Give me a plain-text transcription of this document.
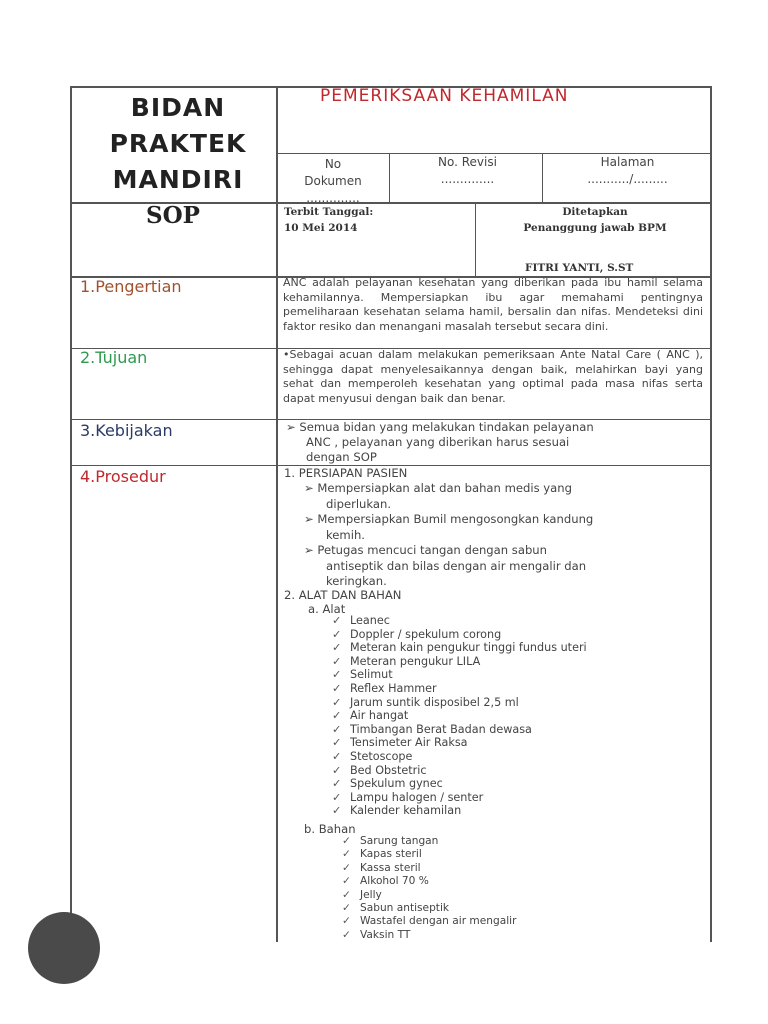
BIDAN
PRAKTEK
MANDIRI
PEMERIKSAAN KEHAMILAN
No Dokumen
..............
No. Revisi
..............
Halaman
.........../.........
SOP	Terbit Tanggal:
10 Mei 2014
Ditetapkan
Penanggung jawab BPM
FITRI YANTI, S.ST
1.Pengertian
2.Tujuan
3.Kebijakan
4.Prosedur
ANC adalah pelayanan kesehatan yang diberikan pada ibu hamil selama kehamilannya. Mempersiapkan ibu agar memahami pentingnya pemeliharaan kesehatan selama hamil, bersalin dan nifas. Mendeteksi dini faktor resiko dan menangani masalah tersebut secara dini.
•Sebagai acuan dalam melakukan pemeriksaan Ante Natal Care ( ANC ), sehingga dapat menyelesaikannya dengan baik, melahirkan bayi yang sehat dan memperoleh kesehatan yang optimal pada masa nifas serta dapat menyusui dengan baik dan benar.
➢ Semua bidan yang melakukan tindakan pelayanan
ANC , pelayanan yang diberikan harus sesuai
dengan SOP
1. PERSIAPAN PASIEN
➢ Mempersiapkan alat dan bahan medis yang
diperlukan.
➢ Mempersiapkan Bumil mengosongkan kandung
kemih.
➢ Petugas mencuci tangan dengan sabun
antiseptik dan bilas dengan air mengalir dan
keringkan.
2. ALAT DAN BAHAN
a. Alat
✓ Leanec
✓ Doppler / spekulum corong
✓ Meteran kain pengukur tinggi fundus uteri
✓ Meteran pengukur LILA
✓ Selimut
✓ Reflex Hammer
✓ Jarum suntik disposibel 2,5 ml
✓ Air hangat
✓ Timbangan Berat Badan dewasa
✓ Tensimeter Air Raksa
✓ Stetoscope
✓ Bed Obstetric
✓ Spekulum gynec
✓ Lampu halogen / senter
✓ Kalender kehamilan
b. Bahan
✓ Sarung tangan
✓ Kapas steril
✓ Kassa steril
✓ Alkohol 70 %
✓ Jelly
✓ Sabun antiseptik
✓ Wastafel dengan air mengalir
✓ Vaksin TT
